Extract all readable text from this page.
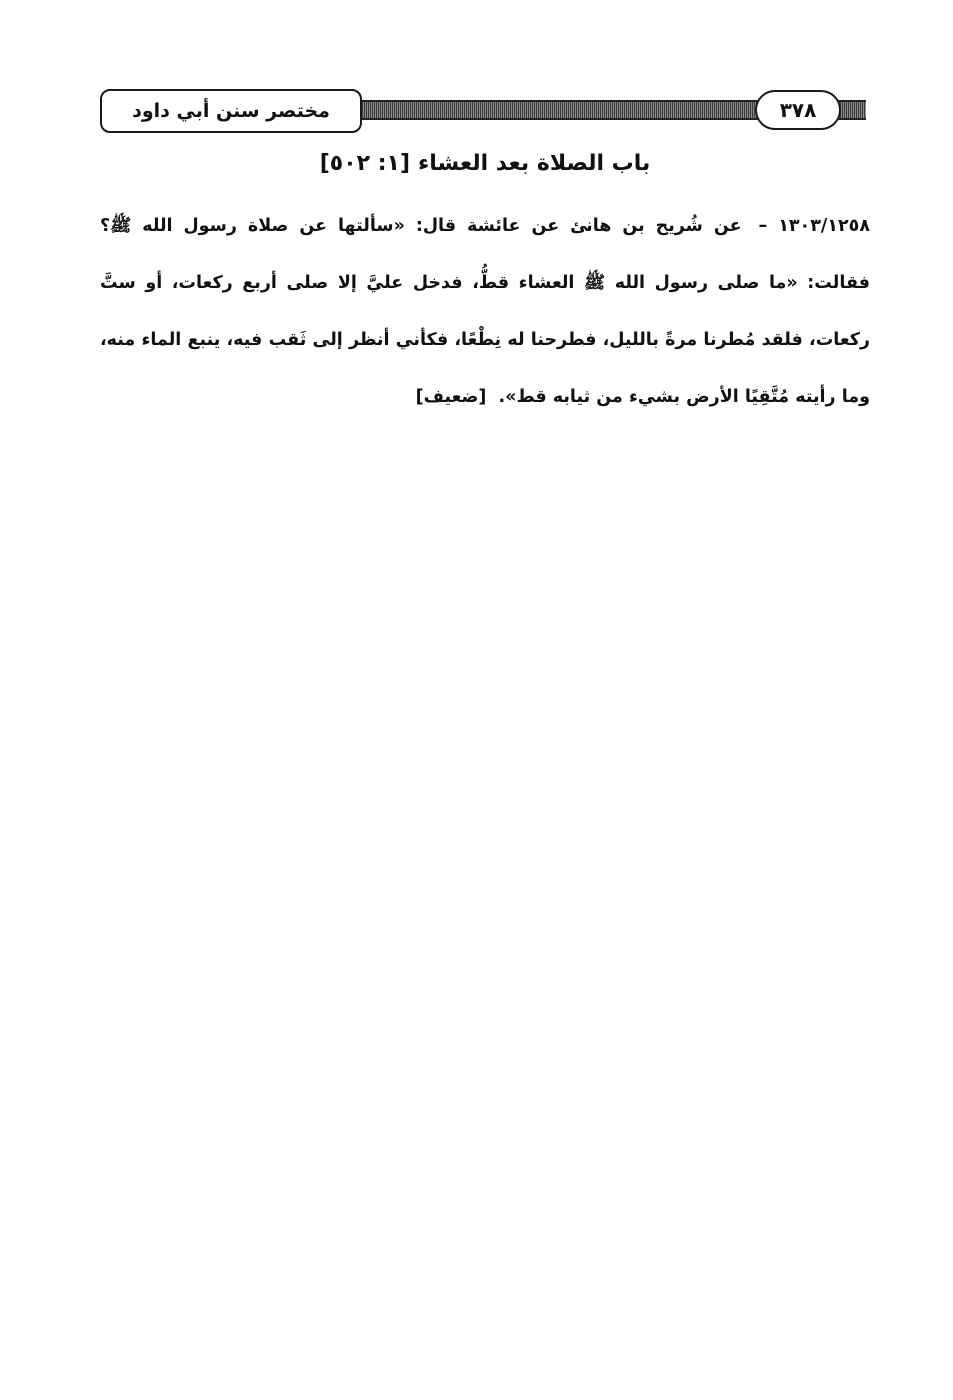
مختصر سنن أبي داود	٣٧٨
باب الصلاة بعد العشاء
[١: ٥٠٢]
١٣٠٣/١٢٥٨ – عن شُريح بن هانئ عن عائشة قال: «سألتها عن صلاة رسول الله ﷺ؟ فقالت: «ما صلى رسول الله ﷺ العشاء قطُّ، فدخل عليَّ إلا صلى أربع ركعات، أو ستَّ ركعات، فلقد مُطرنا مرةً بالليل، فطرحنا له نِطْعًا، فكأني أنظر إلى ثَقب فيه، ينبع الماء منه، وما رأيته مُتَّقِيًا الأرض بشيء من ثيابه قط». [ضعيف]
